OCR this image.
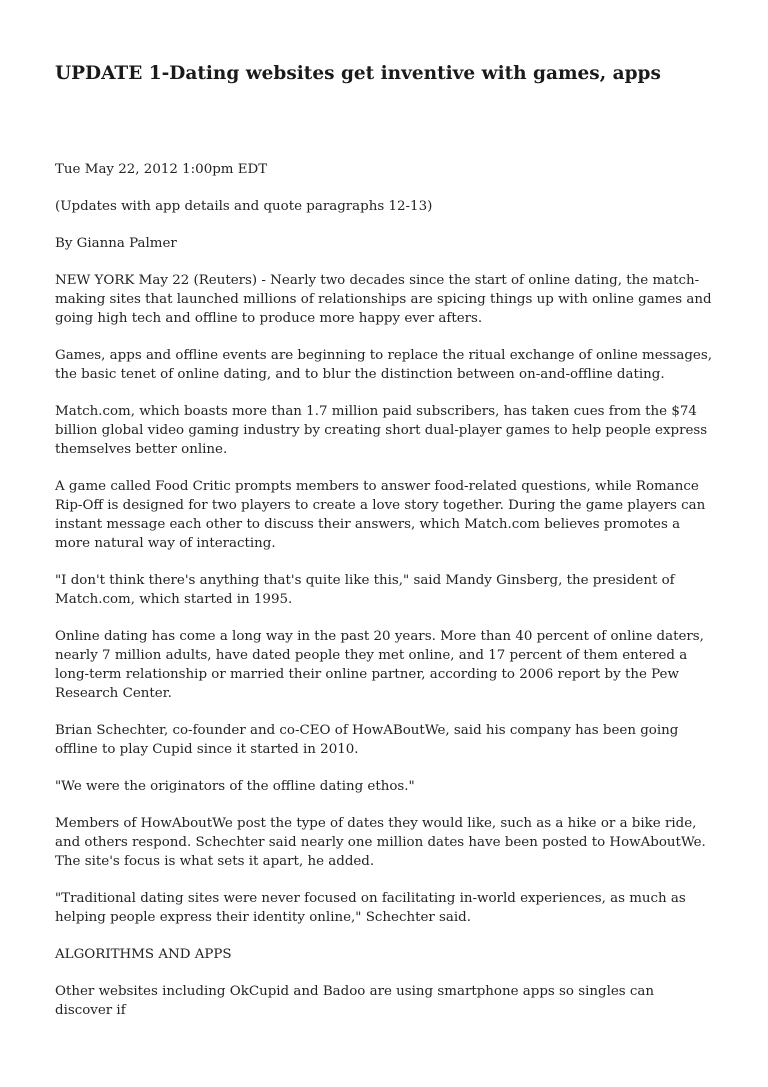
UPDATE 1-Dating websites get inventive with games, apps

Tue May 22, 2012 1:00pm EDT

(Updates with app details and quote paragraphs 12-13)

By Gianna Palmer

NEW YORK May 22 (Reuters) - Nearly two decades since the start of online dating, the match-making sites that launched millions of relationships are spicing things up with online games and going high tech and offline to produce more happy ever afters.

Games, apps and offline events are beginning to replace the ritual exchange of online messages, the basic tenet of online dating, and to blur the distinction between on-and-offline dating.

Match.com, which boasts more than 1.7 million paid subscribers, has taken cues from the $74 billion global video gaming industry by creating short dual-player games to help people express themselves better online.

A game called Food Critic prompts members to answer food-related questions, while Romance Rip-Off is designed for two players to create a love story together. During the game players can instant message each other to discuss their answers, which Match.com believes promotes a more natural way of interacting.

"I don't think there's anything that's quite like this," said Mandy Ginsberg, the president of Match.com, which started in 1995.

Online dating has come a long way in the past 20 years. More than 40 percent of online daters, nearly 7 million adults, have dated people they met online, and 17 percent of them entered a long-term relationship or married their online partner, according to 2006 report by the Pew Research Center.

Brian Schechter, co-founder and co-CEO of HowABoutWe, said his company has been going offline to play Cupid since it started in 2010.

"We were the originators of the offline dating ethos."

Members of HowAboutWe post the type of dates they would like, such as a hike or a bike ride, and others respond. Schechter said nearly one million dates have been posted to HowAboutWe. The site's focus is what sets it apart, he added.

"Traditional dating sites were never focused on facilitating in-world experiences, as much as helping people express their identity online," Schechter said.

ALGORITHMS AND APPS

Other websites including OkCupid and Badoo are using smartphone apps so singles can discover if
